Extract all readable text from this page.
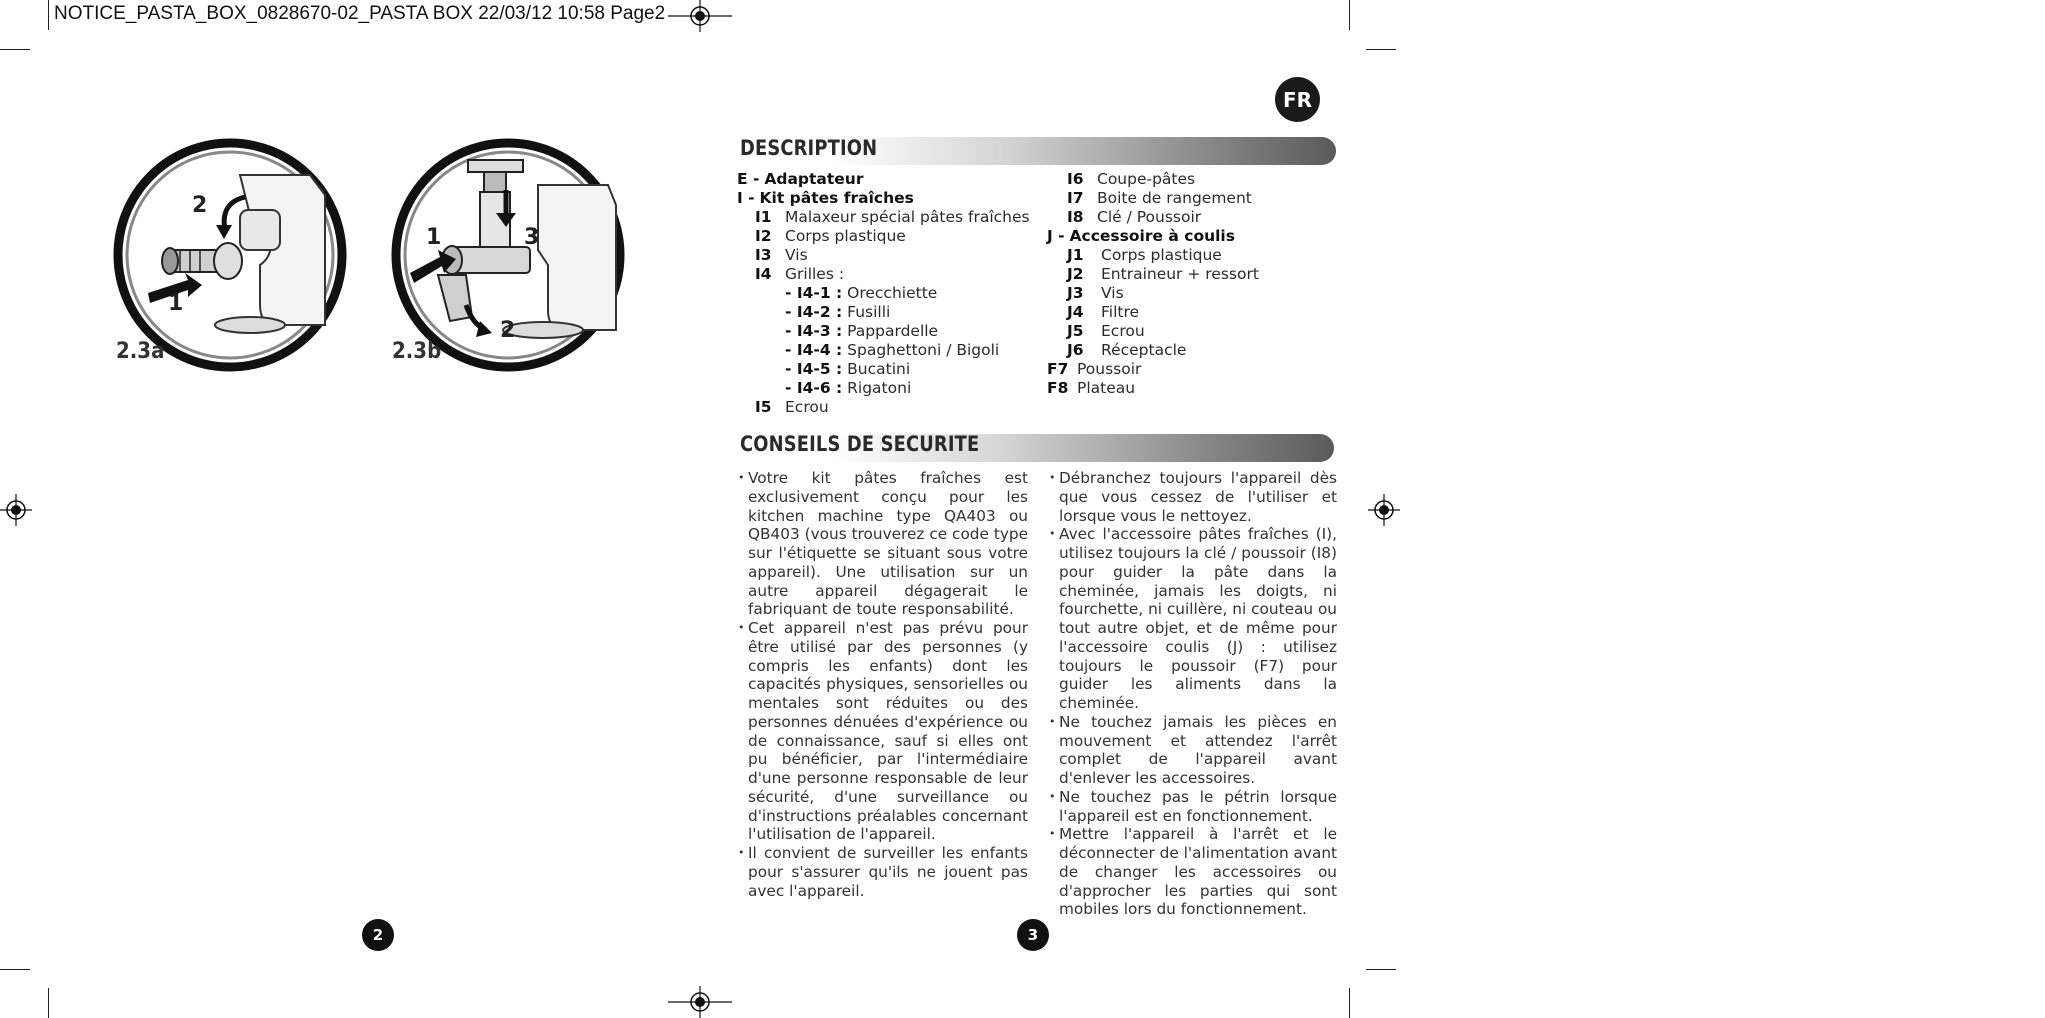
NOTICE_PASTA_BOX_0828670-02_PASTA BOX 22/03/12 10:58 Page2
FR
2
1
2.3a
1	3
2
2.3b
DESCRIPTION
E - Adaptateur
I - Kit pâtes fraîches
I1 Malaxeur spécial pâtes fraîches
I2 Corps plastique
I3 Vis
I4 Grilles :
- I4-1 : Orecchiette
- I4-2 : Fusilli
- I4-3 : Pappardelle
- I4-4 : Spaghettoni / Bigoli
- I4-5 : Bucatini
- I4-6 : Rigatoni
I5 Ecrou
I6 Coupe-pâtes
I7 Boite de rangement
I8 Clé / Poussoir
J - Accessoire à coulis
J1 Corps plastique
J2 Entraineur + ressort
J3 Vis
J4 Filtre
J5 Ecrou
J6 Réceptacle
F7 Poussoir
F8 Plateau
CONSEILS DE SECURITE
• Votre kit pâtes fraîches est exclusivement conçu pour les kitchen machine type QA403 ou QB403 (vous trouverez ce code type sur l'étiquette se situant sous votre appareil). Une utilisation sur un autre appareil dégagerait le fabriquant de toute responsabilité.
• Cet appareil n'est pas prévu pour être utilisé par des personnes (y compris les enfants) dont les capacités physiques, sensorielles ou mentales sont réduites ou des personnes dénuées d'expérience ou de connaissance, sauf si elles ont pu bénéficier, par l'intermédiaire d'une personne responsable de leur sécurité, d'une surveillance ou d'instructions préalables concernant l'utilisation de l'appareil.
• Il convient de surveiller les enfants pour s'assurer qu'ils ne jouent pas avec l'appareil.
• Débranchez toujours l'appareil dès que vous cessez de l'utiliser et lorsque vous le nettoyez.
• Avec l'accessoire pâtes fraîches (I), utilisez toujours la clé / poussoir (I8) pour guider la pâte dans la cheminée, jamais les doigts, ni fourchette, ni cuillère, ni couteau ou tout autre objet, et de même pour l'accessoire coulis (J) : utilisez toujours le poussoir (F7) pour guider les aliments dans la cheminée.
• Ne touchez jamais les pièces en mouvement et attendez l'arrêt complet de l'appareil avant d'enlever les accessoires.
• Ne touchez pas le pétrin lorsque l'appareil est en fonctionnement.
• Mettre l'appareil à l'arrêt et le déconnecter de l'alimentation avant de changer les accessoires ou d'approcher les parties qui sont mobiles lors du fonctionnement.
2	3
